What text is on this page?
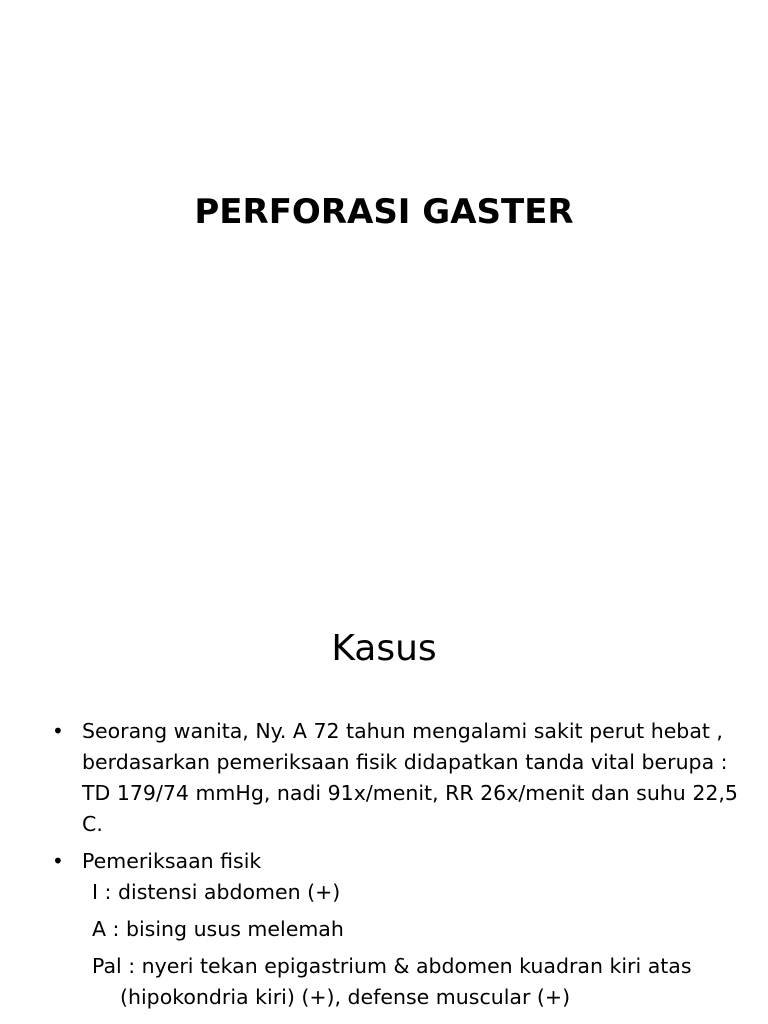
PERFORASI GASTER
Kasus
• Seorang wanita, Ny. A 72 tahun mengalami sakit perut hebat , berdasarkan pemeriksaan fisik didapatkan tanda vital berupa : TD 179/74 mmHg, nadi 91x/menit, RR 26x/menit dan suhu 22,5 C.
• Pemeriksaan fisik
I : distensi abdomen (+)
A : bising usus melemah
Pal : nyeri tekan epigastrium & abdomen kuadran kiri atas (hipokondria kiri) (+), defense muscular (+)
